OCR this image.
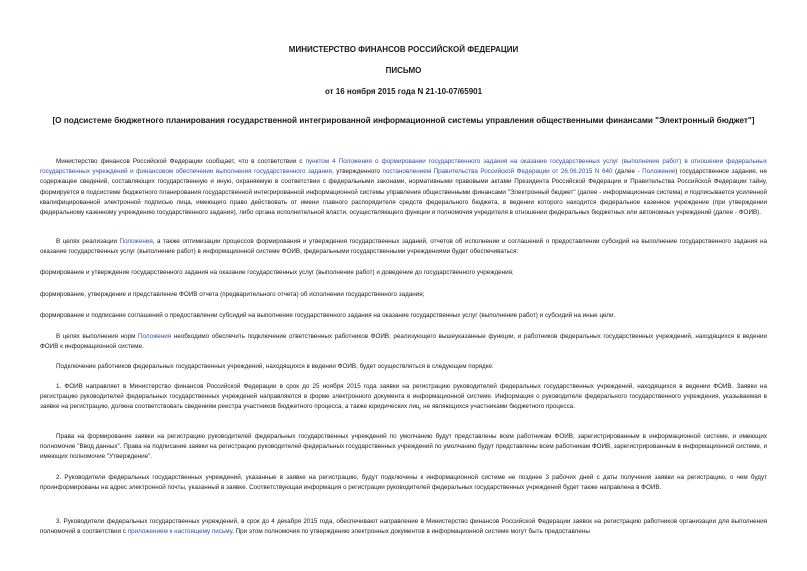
МИНИСТЕРСТВО ФИНАНСОВ РОССИЙСКОЙ ФЕДЕРАЦИИ
ПИСЬМО
от 16 ноября 2015 года N 21-10-07/65901
[О подсистеме бюджетного планирования государственной интегрированной информационной системы управления общественными финансами "Электронный бюджет"]

Министерство финансов Российской Федерации сообщает, что в соответствии с пунктом 4 Положения о формировании государственного задания на оказание государственных услуг (выполнение работ) в отношении федеральных государственных учреждений и финансовом обеспечении выполнения государственного задания, утвержденного постановлением Правительства Российской Федерации от 26.06.2015 N 640 (далее - Положение) государственное задание, не содержащее сведений, составляющих государственную и иную, охраняемую в соответствии с федеральными законами, нормативными правовыми актами Президента Российской Федерации и Правительства Российской Федерации тайну, формируется в подсистеме бюджетного планирования государственной интегрированной информационной системы управления общественными финансами "Электронный бюджет" (далее - информационная система) и подписывается усиленной квалифицированной электронной подписью лица, имеющего право действовать от имени главного распорядителя средств федерального бюджета, в ведении которого находится федеральное казенное учреждение (при утверждении федеральному казенному учреждению государственного задания), либо органа исполнительной власти, осуществляющего функции и полномочия учредителя в отношении федеральных бюджетных или автономных учреждений (далее - ФОИВ).

В целях реализации Положения, а также оптимизации процессов формирования и утверждения государственных заданий, отчетов об исполнении и соглашений о предоставлении субсидий на выполнение государственного задания на оказание государственных услуг (выполнение работ) в информационной системе ФОИВ, федеральными государственными учреждениями будет обеспечиваться:

формирование и утверждение государственного задания на оказание государственных услуг (выполнение работ) и доведение до государственного учреждения;

формирование, утверждение и представление ФОИВ отчета (предварительного отчета) об исполнении государственного задания;

формирование и подписание соглашений о предоставлении субсидий на выполнение государственного задания на оказание государственных услуг (выполнение работ) и субсидий на иные цели.

В целях выполнения норм Положения необходимо обеспечить подключение ответственных работников ФОИВ, реализующего вышеуказанные функции, и работников федеральных государственных учреждений, находящихся в ведении ФОИВ к информационной системе.

Подключение работников федеральных государственных учреждений, находящихся в ведении ФОИВ, будет осуществляться в следующем порядке:

1. ФОИВ направляет в Министерство финансов Российской Федерации в срок до 25 ноября 2015 года заявки на регистрацию руководителей федеральных государственных учреждений, находящихся в ведении ФОИВ. Заявки на регистрацию руководителей федеральных государственных учреждений направляются в форме электронного документа в информационной системе. Информация о руководителе федерального государственного учреждения, указываемая в заявке на регистрацию, должна соответствовать сведениям реестра участников бюджетного процесса, а также юридических лиц, не являющихся участниками бюджетного процесса.

Права на формирование заявки на регистрацию руководителей федеральных государственных учреждений по умолчанию будут представлены всем работникам ФОИВ, зарегистрированным в информационной системе, и имеющих полномочие "Ввод данных". Права на подписание заявки на регистрацию руководителей федеральных государственных учреждений по умолчанию будут представлены всем работникам ФОИВ, зарегистрированным в информационной системе, и имеющих полномочие "Утверждение".

2. Руководители федеральных государственных учреждений, указанные в заявке на регистрацию, будут подключены к информационной системе не позднее 3 рабочих дней с даты получения заявки на регистрацию, о чем будут проинформированы на адрес электронной почты, указанный в заявке. Соответствующая информация о регистрации руководителей федеральных государственных учреждений будет также направлена в ФОИВ.

3. Руководители федеральных государственных учреждений, в срок до 4 декабря 2015 года, обеспечивают направление в Министерство финансов Российской Федерации заявок на регистрацию работников организации для выполнения полномочий в соответствии с приложением к настоящему письму. При этом полномочия по утверждению электронных документов в информационной системе могут быть предоставлены
